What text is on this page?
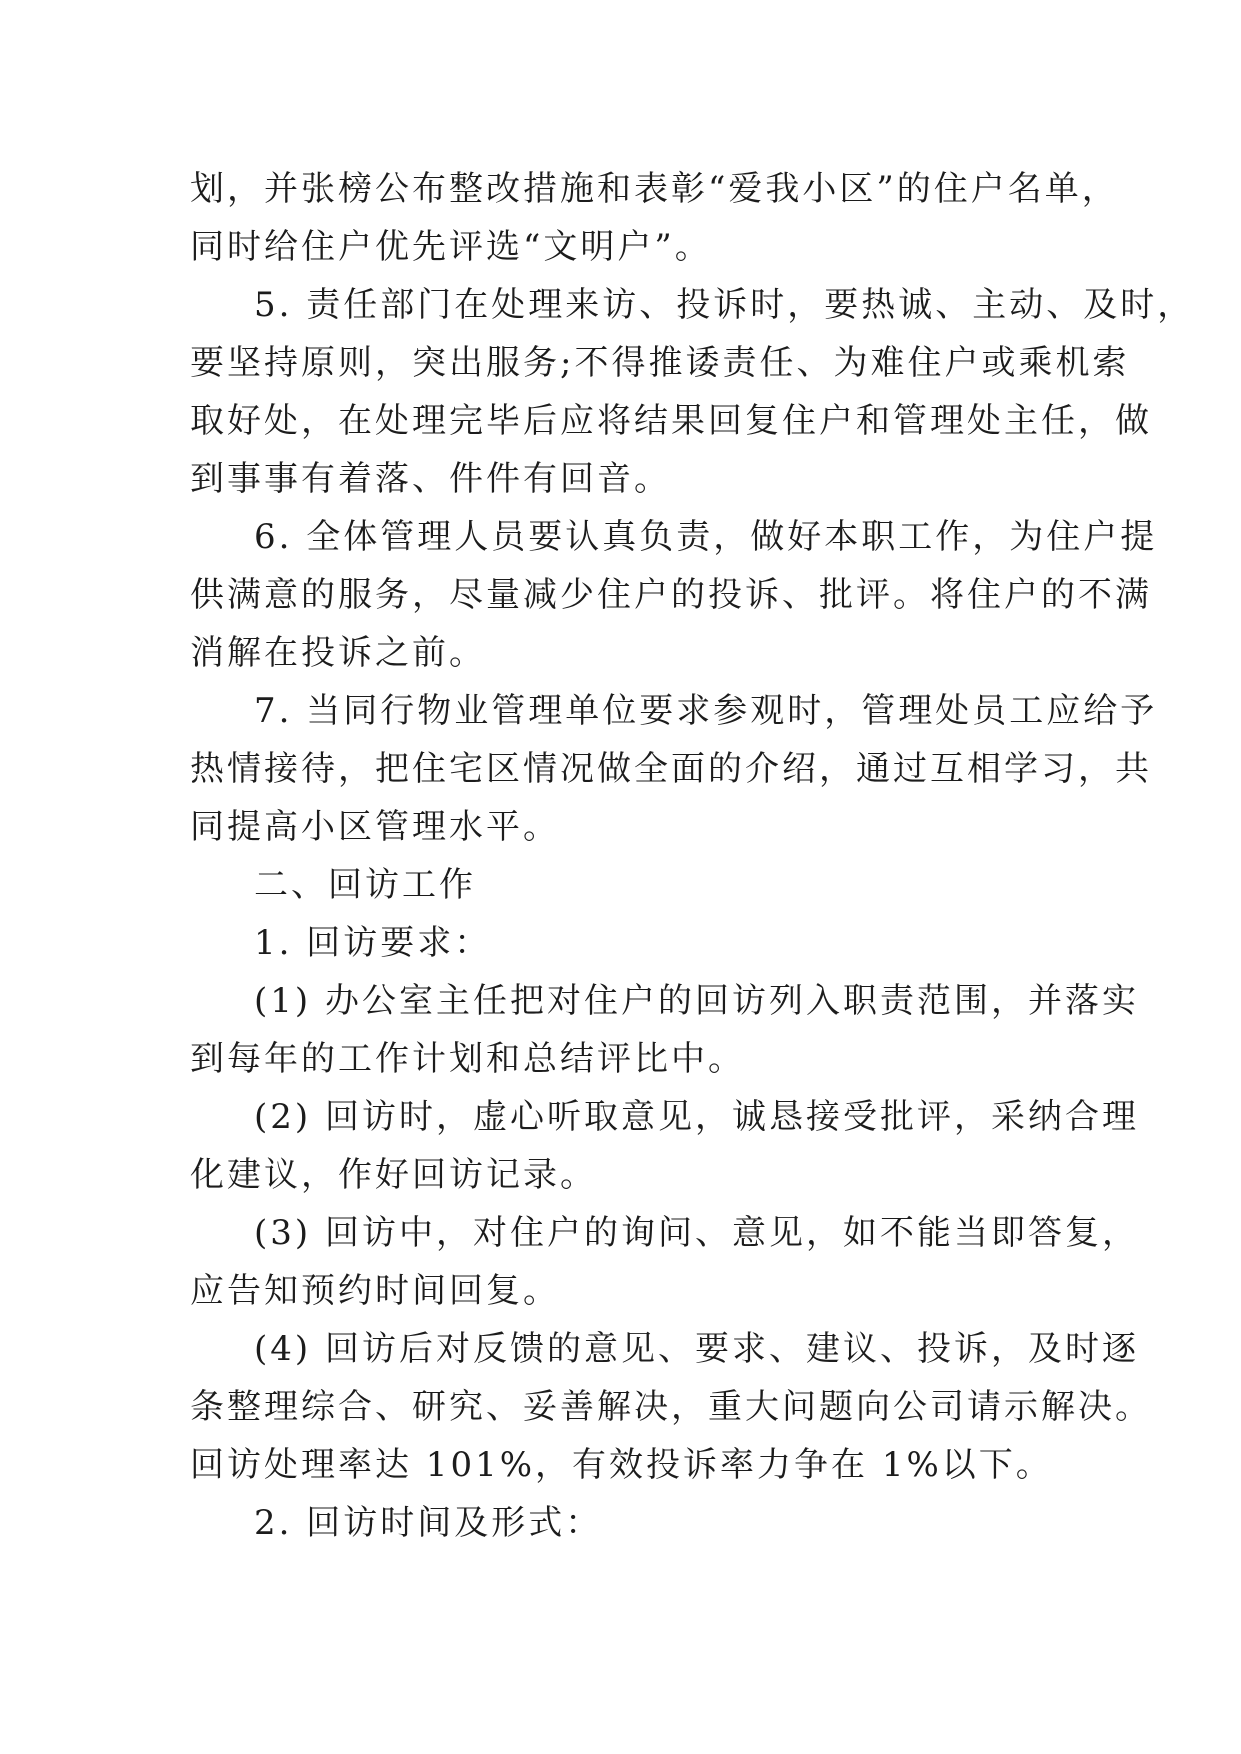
划，并张榜公布整改措施和表彰“爱我小区”的住户名单，
同时给住户优先评选“文明户”。
5. 责任部门在处理来访、投诉时，要热诚、主动、及时，
要坚持原则，突出服务;不得推诿责任、为难住户或乘机索
取好处，在处理完毕后应将结果回复住户和管理处主任，做
到事事有着落、件件有回音。
6. 全体管理人员要认真负责，做好本职工作，为住户提
供满意的服务，尽量减少住户的投诉、批评。将住户的不满
消解在投诉之前。
7. 当同行物业管理单位要求参观时，管理处员工应给予
热情接待，把住宅区情况做全面的介绍，通过互相学习，共
同提高小区管理水平。
二、回访工作
1. 回访要求：
(1) 办公室主任把对住户的回访列入职责范围，并落实
到每年的工作计划和总结评比中。
(2) 回访时，虚心听取意见，诚恳接受批评，采纳合理
化建议，作好回访记录。
(3) 回访中，对住户的询问、意见，如不能当即答复，
应告知预约时间回复。
(4) 回访后对反馈的意见、要求、建议、投诉，及时逐
条整理综合、研究、妥善解决，重大问题向公司请示解决。
回访处理率达 101%，有效投诉率力争在 1%以下。
2. 回访时间及形式：
